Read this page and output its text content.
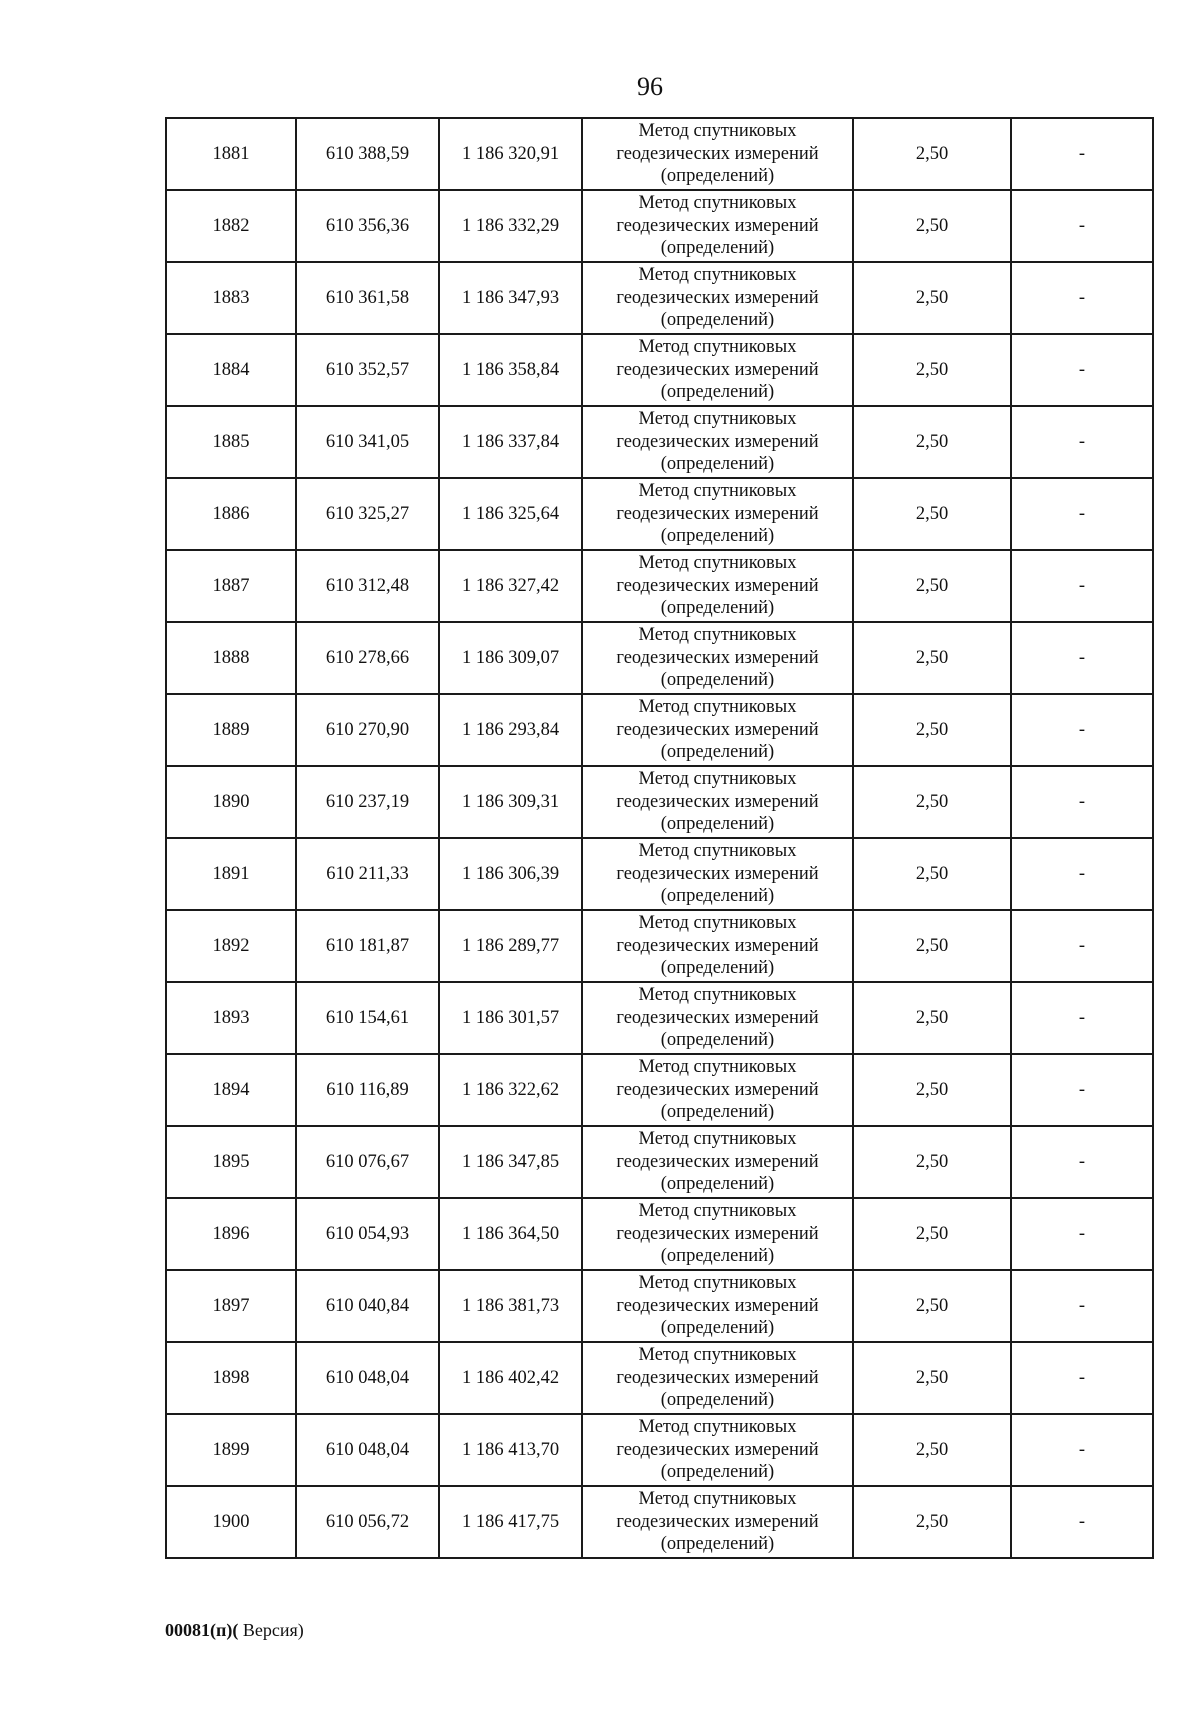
96
1881	610 388,59	1 186 320,91	Метод спутниковых
геодезических измерений
(определений)	2,50	-
1882	610 356,36	1 186 332,29	Метод спутниковых
геодезических измерений
(определений)	2,50	-
1883	610 361,58	1 186 347,93	Метод спутниковых
геодезических измерений
(определений)	2,50	-
1884	610 352,57	1 186 358,84	Метод спутниковых
геодезических измерений
(определений)	2,50	-
1885	610 341,05	1 186 337,84	Метод спутниковых
геодезических измерений
(определений)	2,50	-
1886	610 325,27	1 186 325,64	Метод спутниковых
геодезических измерений
(определений)	2,50	-
1887	610 312,48	1 186 327,42	Метод спутниковых
геодезических измерений
(определений)	2,50	-
1888	610 278,66	1 186 309,07	Метод спутниковых
геодезических измерений
(определений)	2,50	-
1889	610 270,90	1 186 293,84	Метод спутниковых
геодезических измерений
(определений)	2,50	-
1890	610 237,19	1 186 309,31	Метод спутниковых
геодезических измерений
(определений)	2,50	-
1891	610 211,33	1 186 306,39	Метод спутниковых
геодезических измерений
(определений)	2,50	-
1892	610 181,87	1 186 289,77	Метод спутниковых
геодезических измерений
(определений)	2,50	-
1893	610 154,61	1 186 301,57	Метод спутниковых
геодезических измерений
(определений)	2,50	-
1894	610 116,89	1 186 322,62	Метод спутниковых
геодезических измерений
(определений)	2,50	-
1895	610 076,67	1 186 347,85	Метод спутниковых
геодезических измерений
(определений)	2,50	-
1896	610 054,93	1 186 364,50	Метод спутниковых
геодезических измерений
(определений)	2,50	-
1897	610 040,84	1 186 381,73	Метод спутниковых
геодезических измерений
(определений)	2,50	-
1898	610 048,04	1 186 402,42	Метод спутниковых
геодезических измерений
(определений)	2,50	-
1899	610 048,04	1 186 413,70	Метод спутниковых
геодезических измерений
(определений)	2,50	-
1900	610 056,72	1 186 417,75	Метод спутниковых
геодезических измерений
(определений)	2,50	-
00081(п)( Версия)
